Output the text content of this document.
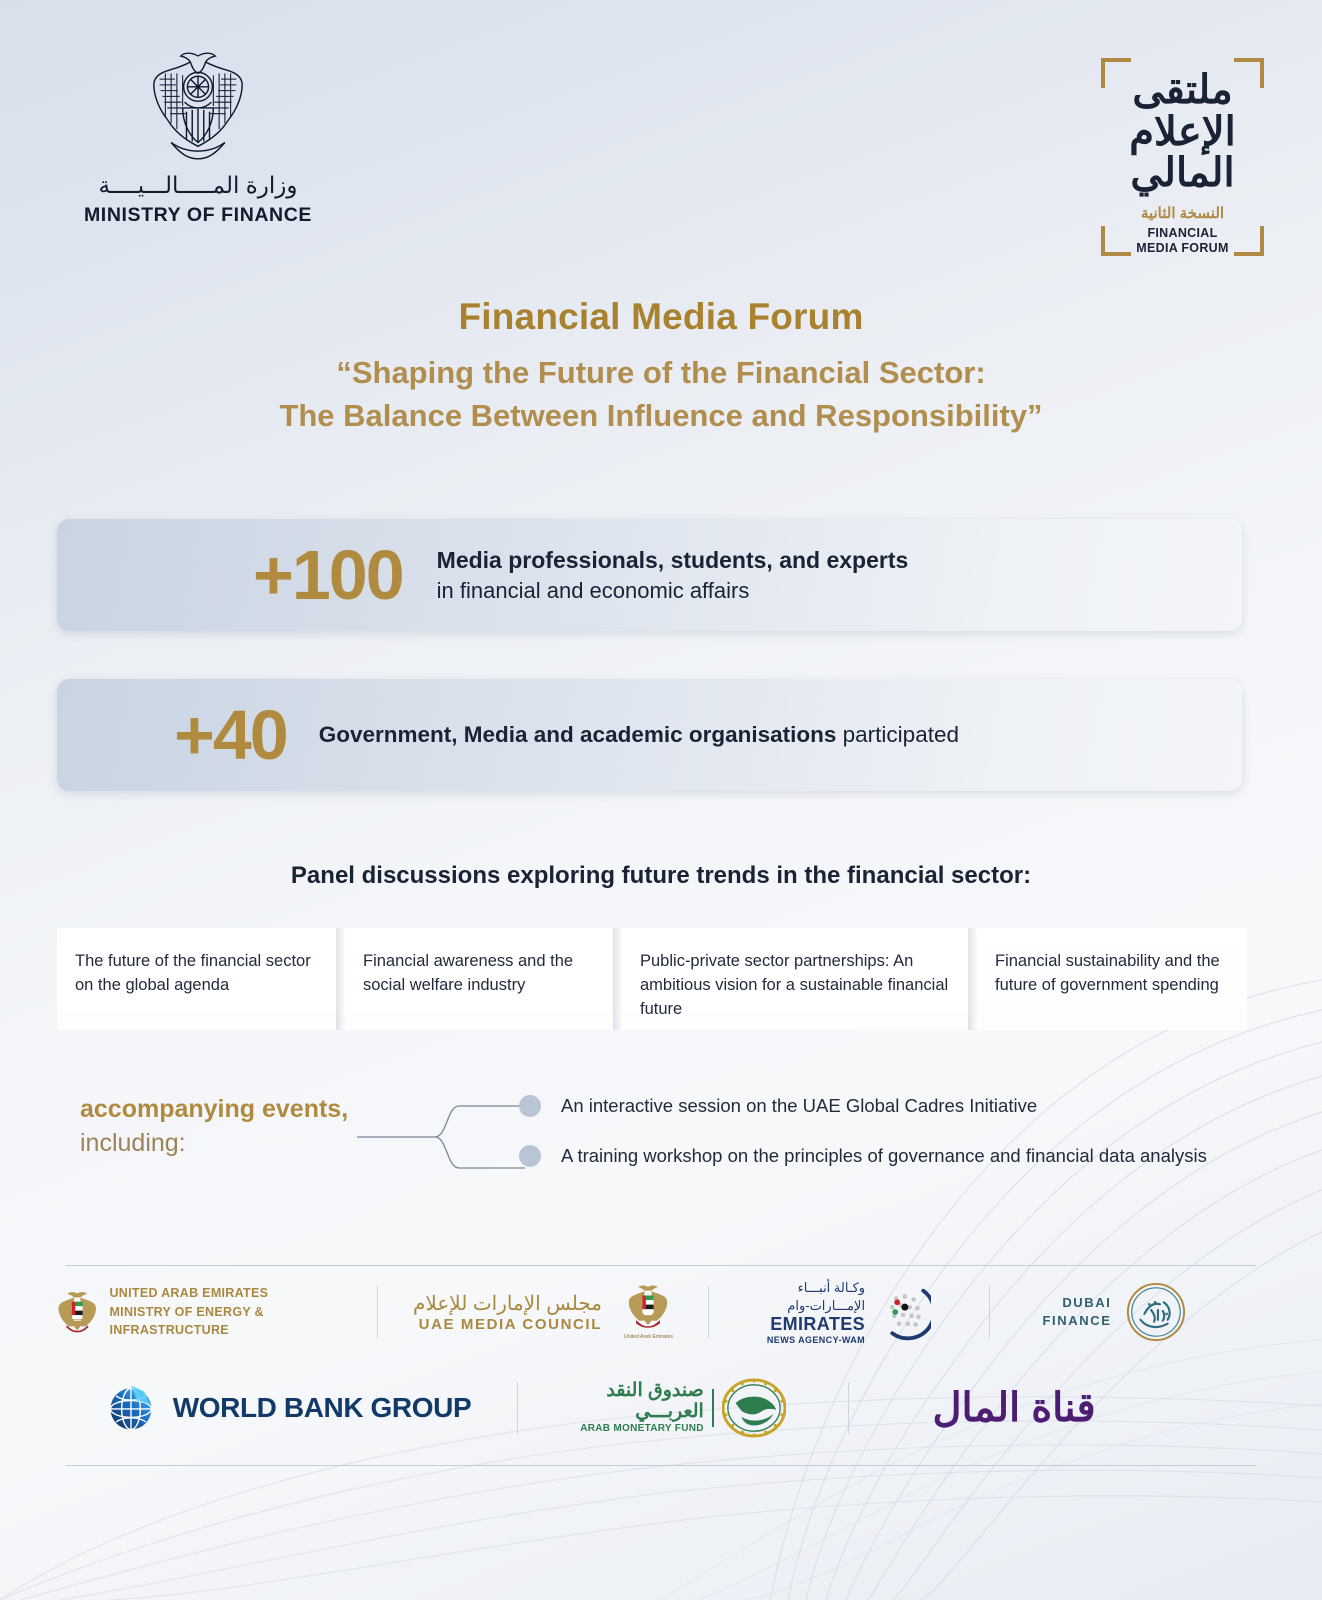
وزارة المـــــالـــيــــة
MINISTRY OF FINANCE
ملتقى الإعلام المالي
النسخة الثانية
FINANCIAL
MEDIA FORUM
Financial Media Forum
“Shaping the Future of the Financial Sector:
The Balance Between Influence and Responsibility”
+100 Media professionals, students, and experts
in financial and economic affairs
+40 Government, Media and academic organisations participated
Panel discussions exploring future trends in the financial sector:
The future of the financial sector on the global agenda
Financial awareness and the social welfare industry
Public-private sector partnerships: An ambitious vision for a sustainable financial future
Financial sustainability and the future of government spending
accompanying events, including:
An interactive session on the UAE Global Cadres Initiative
A training workshop on the principles of governance and financial data analysis
UNITED ARAB EMIRATES
MINISTRY OF ENERGY & INFRASTRUCTURE
مجلس الإمارات للإعلام
UAE MEDIA COUNCIL
United Arab Emirates
وكـالة أنبـــاء
الإمـــارات-وام
EMIRATES
NEWS AGENCY-WAM
DUBAI
FINANCE
WORLD BANK GROUP
صندوق النقد
العربـــي
ARAB MONETARY FUND	قناة المال
